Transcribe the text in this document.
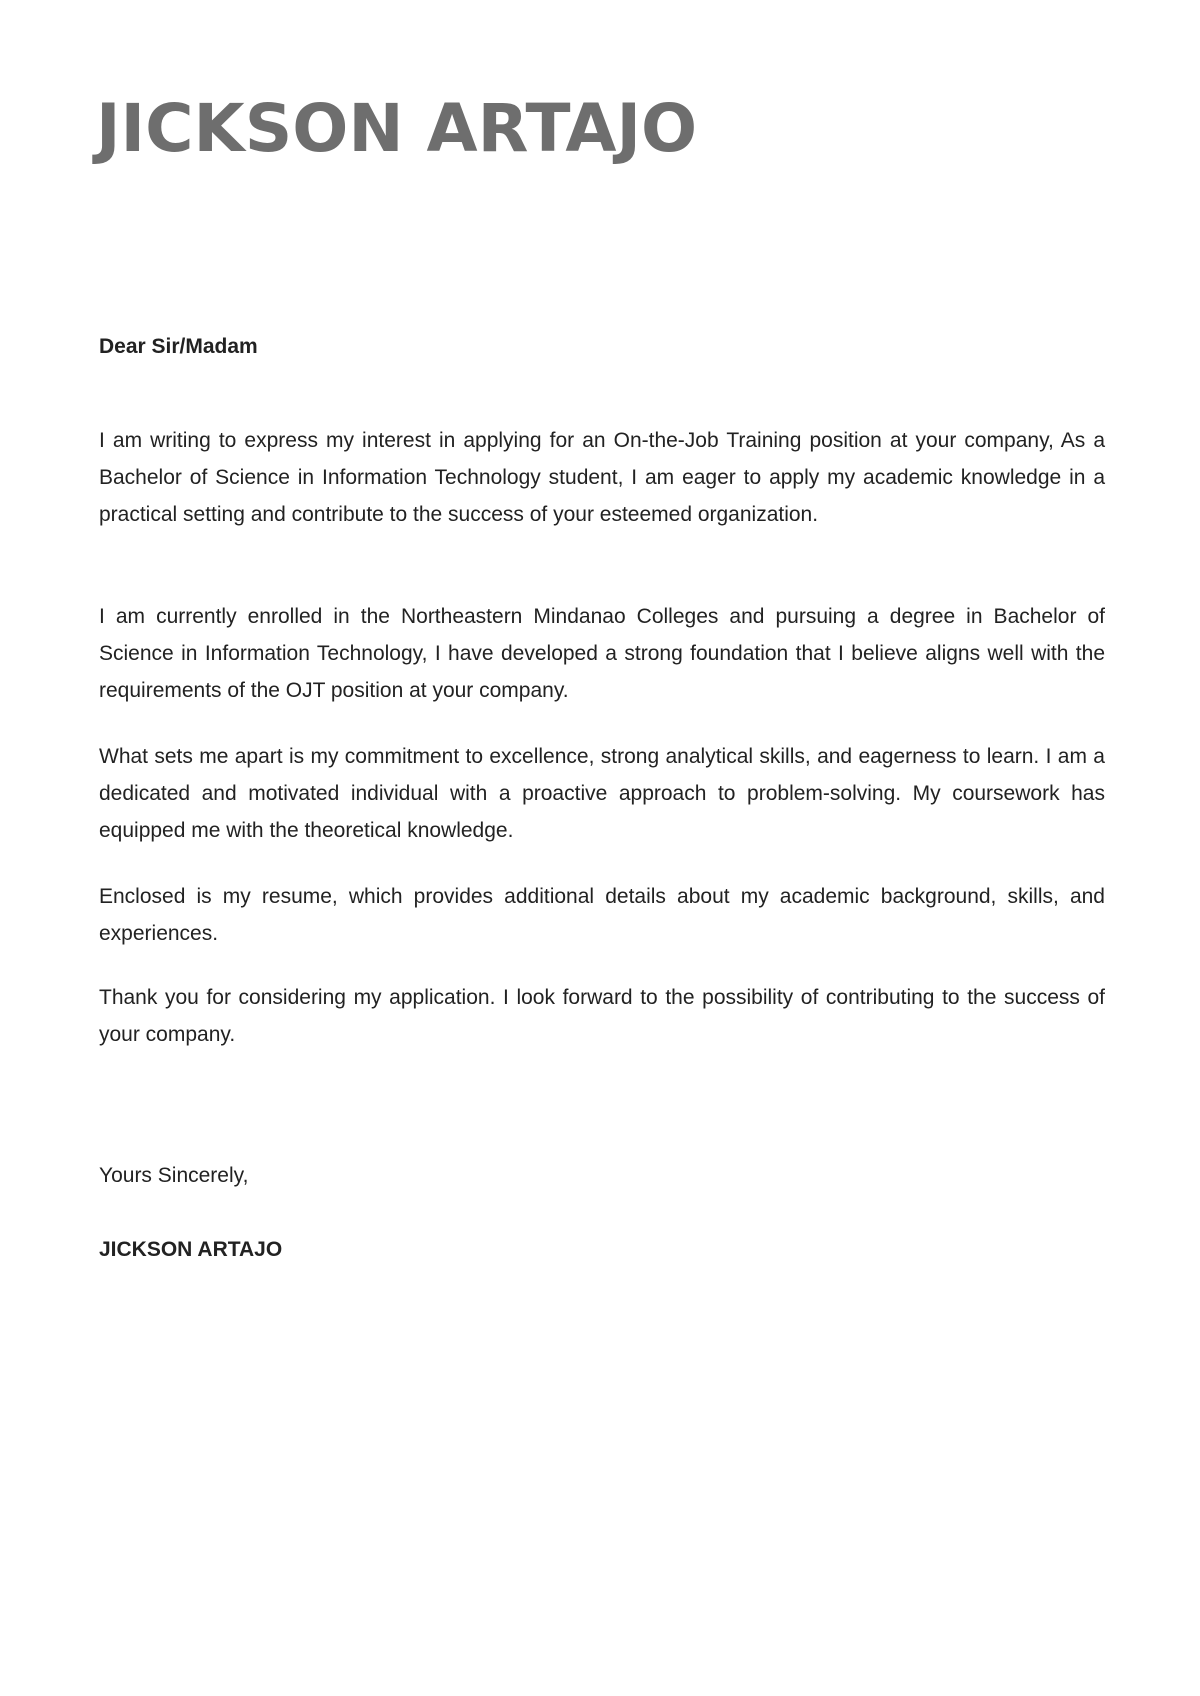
JICKSON ARTAJO

Dear Sir/Madam

I am writing to express my interest in applying for an On-the-Job Training position at your company, As a Bachelor of Science in Information Technology student, I am eager to apply my academic knowledge in a practical setting and contribute to the success of your esteemed organization.

I am currently enrolled in the Northeastern Mindanao Colleges and pursuing a degree in Bachelor of Science in Information Technology, I have developed a strong foundation that I believe aligns well with the requirements of the OJT position at your company.

What sets me apart is my commitment to excellence, strong analytical skills, and eagerness to learn. I am a dedicated and motivated individual with a proactive approach to problem-solving. My coursework has equipped me with the theoretical knowledge.

Enclosed is my resume, which provides additional details about my academic background, skills, and experiences.

Thank you for considering my application. I look forward to the possibility of contributing to the success of your company.

Yours Sincerely,

JICKSON ARTAJO
